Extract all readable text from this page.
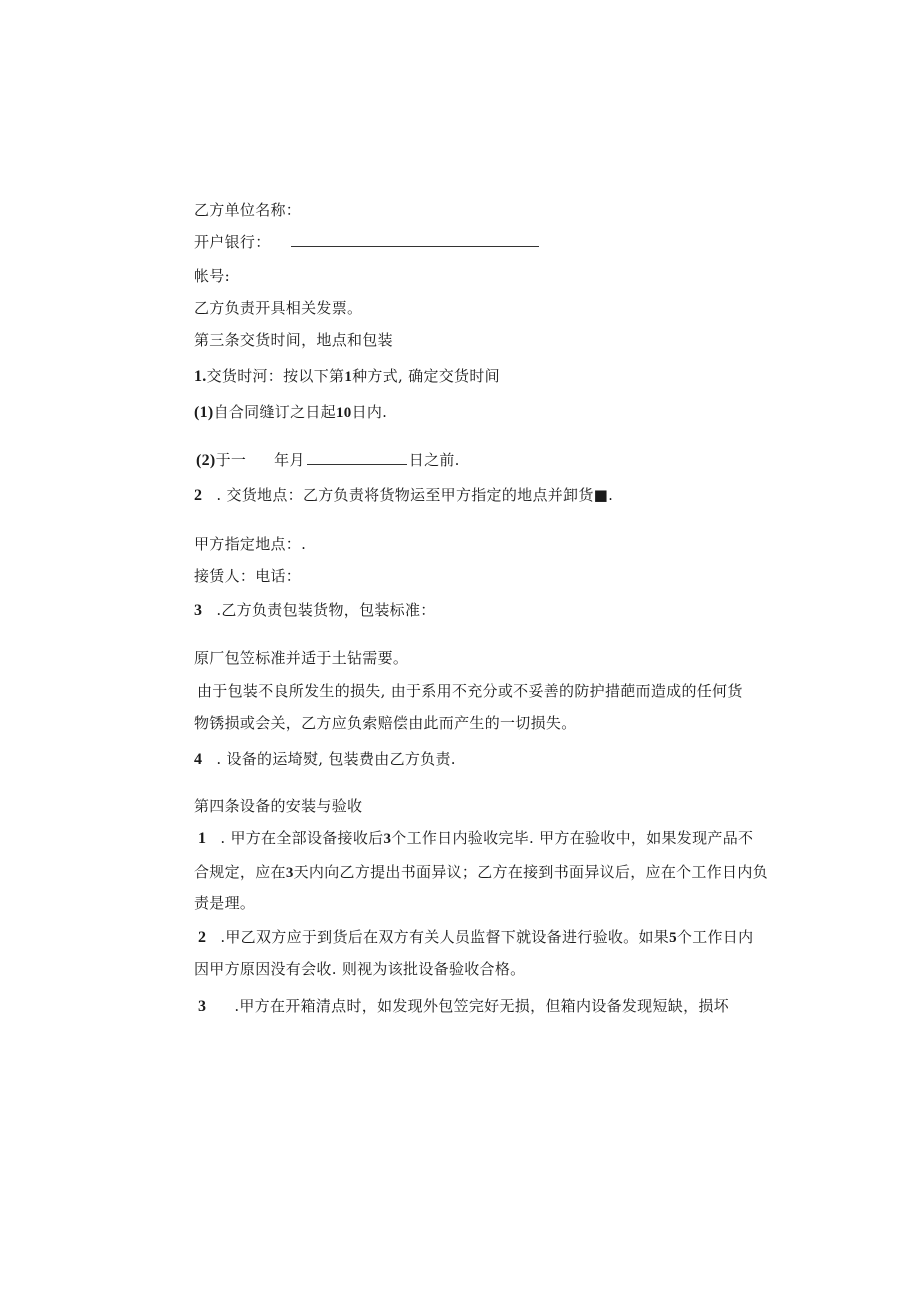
乙方单位名称：
开户银行：
帐号:
乙方负责开具相关发票。
第三条交货时间，地点和包装
1.交货时河：按以下第1种方式, 确定交货时间
(1)自合同缝订之日起10日内.
(2)于一 年月	日之前.
2 . 交货地点：乙方负责将货物运至甲方指定的地点并卸货■.
甲方指定地点：.
接赁人：电话：
3 .乙方负责包装货物，包装标准：
原厂包笠标准并适于土钻需要。
由于包装不良所发生的损失, 由于系用不充分或不妥善的防护措葩而造成的任何货
物锈损或会关，乙方应负索赔偿由此而产生的一切损失。
4 . 设备的运埼熨, 包装费由乙方负责.
第四条设备的安装与验收
1 . 甲方在全部设备接收后3个工作日内验收完毕. 甲方在验收中，如果发现产品不
合规定，应在3天内向乙方提出书面异议；乙方在接到书面异议后，应在个工作日内负
责是理。
2 .甲乙双方应于到货后在双方有关人员监督下就设备进行验收。如果5个工作日内
因甲方原因没有会收. 则视为该批设备验收合格。
3 .甲方在开箱清点时，如发现外包笠完好无损，但箱内设备发现短缺，损坏
